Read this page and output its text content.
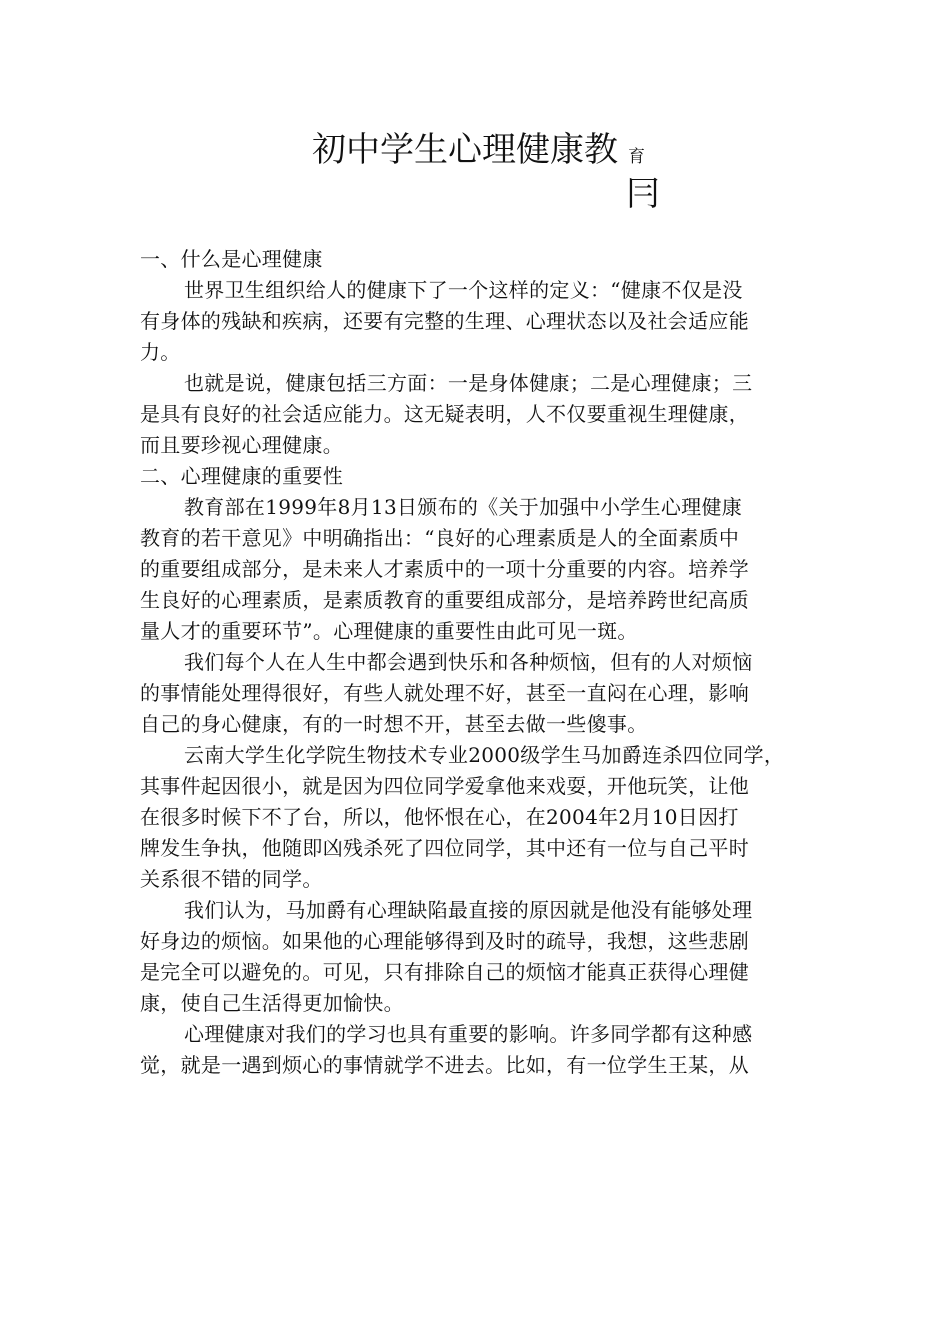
初中学生心理健康教 育
冃
一、什么是心理健康
世界卫生组织给人的健康下了一个这样的定义：“健康不仅是没
有身体的残缺和疾病，还要有完整的生理、心理状态以及社会适应能
力。
也就是说，健康包括三方面：一是身体健康；二是心理健康；三
是具有良好的社会适应能力。这无疑表明，人不仅要重视生理健康，
而且要珍视心理健康。
二、心理健康的重要性
教育部在1999年8月13日颁布的《关于加强中小学生心理健康
教育的若干意见》中明确指出：“良好的心理素质是人的全面素质中
的重要组成部分，是未来人才素质中的一项十分重要的内容。培养学
生良好的心理素质，是素质教育的重要组成部分，是培养跨世纪高质
量人才的重要环节”。心理健康的重要性由此可见一斑。
我们每个人在人生中都会遇到快乐和各种烦恼，但有的人对烦恼
的事情能处理得很好，有些人就处理不好，甚至一直闷在心理，影响
自己的身心健康，有的一时想不开，甚至去做一些傻事。
云南大学生化学院生物技术专业2000级学生马加爵连杀四位同学，
其事件起因很小，就是因为四位同学爱拿他来戏耍，开他玩笑，让他
在很多时候下不了台，所以，他怀恨在心，在2004年2月10日因打
牌发生争执，他随即凶残杀死了四位同学，其中还有一位与自己平时
关系很不错的同学。
我们认为，马加爵有心理缺陷最直接的原因就是他没有能够处理
好身边的烦恼。如果他的心理能够得到及时的疏导，我想，这些悲剧
是完全可以避免的。可见，只有排除自己的烦恼才能真正获得心理健
康，使自己生活得更加愉快。
心理健康对我们的学习也具有重要的影响。许多同学都有这种感
觉，就是一遇到烦心的事情就学不进去。比如，有一位学生王某，从
